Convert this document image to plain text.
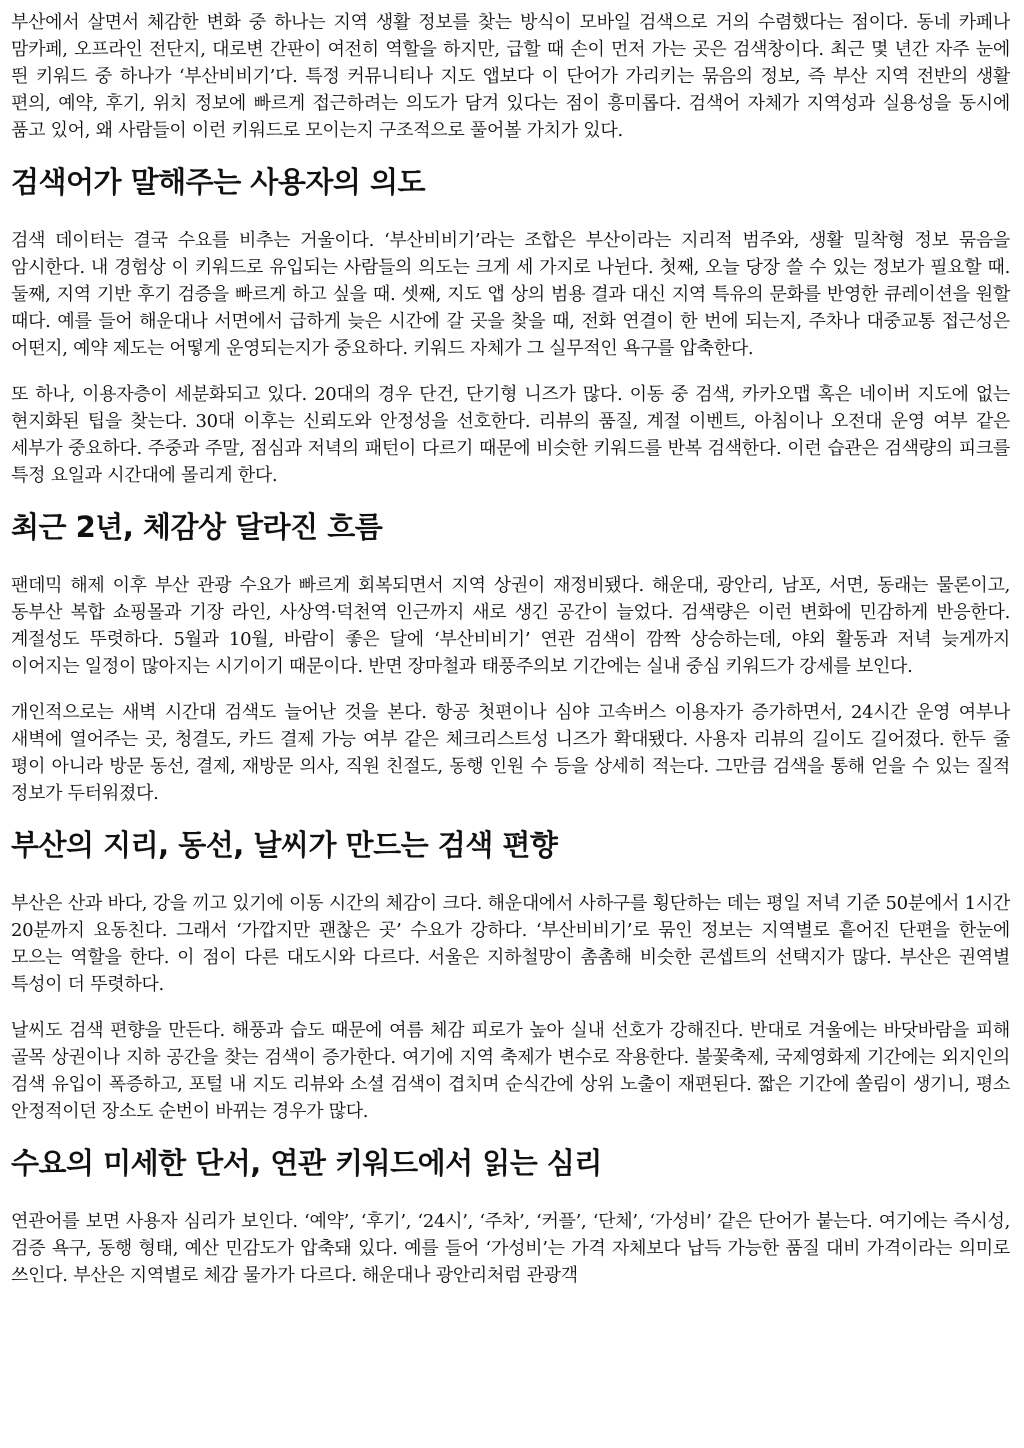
부산에서 살면서 체감한 변화 중 하나는 지역 생활 정보를 찾는 방식이 모바일 검색으로 거의 수렴했다는 점이다. 동네 카페나 맘카페, 오프라인 전단지, 대로변 간판이 여전히 역할을 하지만, 급할 때 손이 먼저 가는 곳은 검색창이다. 최근 몇 년간 자주 눈에 띈 키워드 중 하나가 ‘부산비비기’다. 특정 커뮤니티나 지도 앱보다 이 단어가 가리키는 묶음의 정보, 즉 부산 지역 전반의 생활 편의, 예약, 후기, 위치 정보에 빠르게 접근하려는 의도가 담겨 있다는 점이 흥미롭다. 검색어 자체가 지역성과 실용성을 동시에 품고 있어, 왜 사람들이 이런 키워드로 모이는지 구조적으로 풀어볼 가치가 있다.

검색어가 말해주는 사용자의 의도

검색 데이터는 결국 수요를 비추는 거울이다. ‘부산비비기’라는 조합은 부산이라는 지리적 범주와, 생활 밀착형 정보 묶음을 암시한다. 내 경험상 이 키워드로 유입되는 사람들의 의도는 크게 세 가지로 나뉜다. 첫째, 오늘 당장 쓸 수 있는 정보가 필요할 때. 둘째, 지역 기반 후기 검증을 빠르게 하고 싶을 때. 셋째, 지도 앱 상의 범용 결과 대신 지역 특유의 문화를 반영한 큐레이션을 원할 때다. 예를 들어 해운대나 서면에서 급하게 늦은 시간에 갈 곳을 찾을 때, 전화 연결이 한 번에 되는지, 주차나 대중교통 접근성은 어떤지, 예약 제도는 어떻게 운영되는지가 중요하다. 키워드 자체가 그 실무적인 욕구를 압축한다.

또 하나, 이용자층이 세분화되고 있다. 20대의 경우 단건, 단기형 니즈가 많다. 이동 중 검색, 카카오맵 혹은 네이버 지도에 없는 현지화된 팁을 찾는다. 30대 이후는 신뢰도와 안정성을 선호한다. 리뷰의 품질, 계절 이벤트, 아침이나 오전대 운영 여부 같은 세부가 중요하다. 주중과 주말, 점심과 저녁의 패턴이 다르기 때문에 비슷한 키워드를 반복 검색한다. 이런 습관은 검색량의 피크를 특정 요일과 시간대에 몰리게 한다.

최근 2년, 체감상 달라진 흐름

팬데믹 해제 이후 부산 관광 수요가 빠르게 회복되면서 지역 상권이 재정비됐다. 해운대, 광안리, 남포, 서면, 동래는 물론이고, 동부산 복합 쇼핑몰과 기장 라인, 사상역·덕천역 인근까지 새로 생긴 공간이 늘었다. 검색량은 이런 변화에 민감하게 반응한다. 계절성도 뚜렷하다. 5월과 10월, 바람이 좋은 달에 ‘부산비비기’ 연관 검색이 깜짝 상승하는데, 야외 활동과 저녁 늦게까지 이어지는 일정이 많아지는 시기이기 때문이다. 반면 장마철과 태풍주의보 기간에는 실내 중심 키워드가 강세를 보인다.

개인적으로는 새벽 시간대 검색도 늘어난 것을 본다. 항공 첫편이나 심야 고속버스 이용자가 증가하면서, 24시간 운영 여부나 새벽에 열어주는 곳, 청결도, 카드 결제 가능 여부 같은 체크리스트성 니즈가 확대됐다. 사용자 리뷰의 길이도 길어졌다. 한두 줄 평이 아니라 방문 동선, 결제, 재방문 의사, 직원 친절도, 동행 인원 수 등을 상세히 적는다. 그만큼 검색을 통해 얻을 수 있는 질적 정보가 두터워졌다.

부산의 지리, 동선, 날씨가 만드는 검색 편향

부산은 산과 바다, 강을 끼고 있기에 이동 시간의 체감이 크다. 해운대에서 사하구를 횡단하는 데는 평일 저녁 기준 50분에서 1시간 20분까지 요동친다. 그래서 ‘가깝지만 괜찮은 곳’ 수요가 강하다. ‘부산비비기’로 묶인 정보는 지역별로 흩어진 단편을 한눈에 모으는 역할을 한다. 이 점이 다른 대도시와 다르다. 서울은 지하철망이 촘촘해 비슷한 콘셉트의 선택지가 많다. 부산은 권역별 특성이 더 뚜렷하다.

날씨도 검색 편향을 만든다. 해풍과 습도 때문에 여름 체감 피로가 높아 실내 선호가 강해진다. 반대로 겨울에는 바닷바람을 피해 골목 상권이나 지하 공간을 찾는 검색이 증가한다. 여기에 지역 축제가 변수로 작용한다. 불꽃축제, 국제영화제 기간에는 외지인의 검색 유입이 폭증하고, 포털 내 지도 리뷰와 소셜 검색이 겹치며 순식간에 상위 노출이 재편된다. 짧은 기간에 쏠림이 생기니, 평소 안정적이던 장소도 순번이 바뀌는 경우가 많다.

수요의 미세한 단서, 연관 키워드에서 읽는 심리

연관어를 보면 사용자 심리가 보인다. ‘예약’, ‘후기’, ‘24시’, ‘주차’, ‘커플’, ‘단체’, ‘가성비’ 같은 단어가 붙는다. 여기에는 즉시성, 검증 욕구, 동행 형태, 예산 민감도가 압축돼 있다. 예를 들어 ‘가성비’는 가격 자체보다 납득 가능한 품질 대비 가격이라는 의미로 쓰인다. 부산은 지역별로 체감 물가가 다르다. 해운대나 광안리처럼 관광객
